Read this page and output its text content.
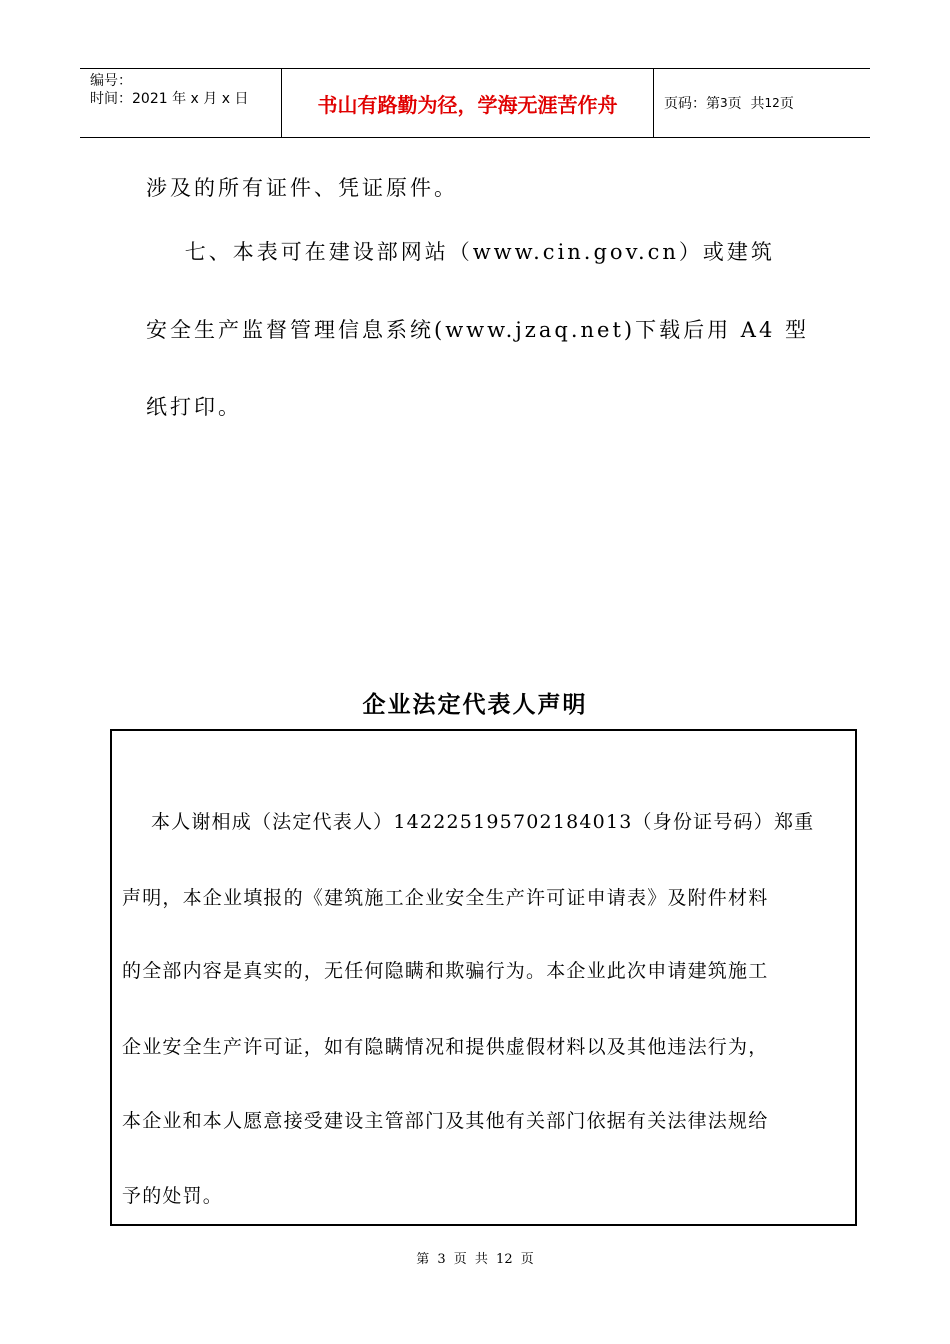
编号：
时间：2021 年 x 月 x 日	书山有路勤为径，学海无涯苦作舟	页码：第 3 页  共 12 页
涉及的所有证件、凭证原件。
七、本表可在建设部网站（www.cin.gov.cn）或建筑
安全生产监督管理信息系统(www.jzaq.net)下载后用 A4 型
纸打印。
企业法定代表人声明
本人谢相成（法定代表人）142225195702184013（身份证号码）郑重
声明，本企业填报的《建筑施工企业安全生产许可证申请表》及附件材料
的全部内容是真实的，无任何隐瞒和欺骗行为。本企业此次申请建筑施工
企业安全生产许可证，如有隐瞒情况和提供虚假材料以及其他违法行为，
本企业和本人愿意接受建设主管部门及其他有关部门依据有关法律法规给
予的处罚。
第 3 页 共 12 页
